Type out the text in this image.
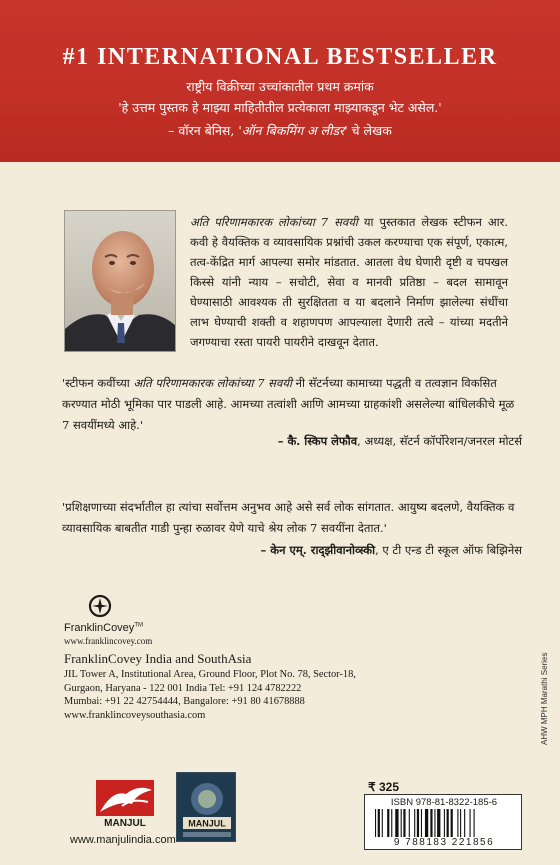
#1 INTERNATIONAL BESTSELLER
राष्ट्रीय विक्रीच्या उच्चांकातील प्रथम क्रमांक
'हे उत्तम पुस्तक हे माझ्या माहितीतील प्रत्येकाला माझ्याकडून भेट असेल.'
– वॉरन बेनिस, 'ऑन बिकमिंग अ लीडर' चे लेखक
अति परिणामकारक लोकांच्या 7 सवयी या पुस्तकात लेखक स्टीफन आर. कवी हे वैयक्तिक व व्यावसायिक प्रश्नांची उकल करण्याचा एक संपूर्ण, एकात्म, तत्व-केंद्रित मार्ग आपल्या समोर मांडतात. आतला वेध घेणारी दृष्टी व चपखल किस्से यांनी न्याय – सचोटी, सेवा व मानवी प्रतिष्ठा – बदल सामावून घेण्यासाठी आवश्यक ती सुरक्षितता व या बदलाने निर्माण झालेल्या संधींचा लाभ घेण्याची शक्ती व शहाणपण आपल्याला देणारी तत्वे – यांच्या मदतीने जगण्याचा रस्ता पायरी पायरीने दाखवून देतात.
'स्टीफन कवींच्या अति परिणामकारक लोकांच्या 7 सवयी नी सॅटर्नच्या कामाच्या पद्धती व तत्वज्ञान विकसित करण्यात मोठी भूमिका पार पाडली आहे. आमच्या तत्वांशी आणि आमच्या ग्राहकांशी असलेल्या बांधिलकीचे मूळ 7 सवयींमध्ये आहे.'
– कै. स्किप लेफौव, अध्यक्ष, सॅटर्न कॉर्पोरेशन/जनरल मोटर्स
'प्रशिक्षणाच्या संदर्भातील हा त्यांचा सर्वोत्तम अनुभव आहे असे सर्व लोक सांगतात. आयुष्य बदलणे, वैयक्तिक व व्यावसायिक बाबतीत गाडी पुन्हा रुळावर येणे याचे श्रेय लोक 7 सवयींना देतात.'
– केन एम्. राद्झीवानोव्स्की, ए टी एन्ड टी स्कूल ऑफ बिझिनेस
FranklinCovey™
www.franklincovey.com
FranklinCovey India and SouthAsia
JIL Tower A, Institutional Area, Ground Floor, Plot No. 78, Sector-18,
Gurgaon, Haryana - 122 001 India Tel: +91 124 4782222
Mumbai: +91 22 42754444, Bangalore: +91 80 41678888
www.franklincoveysouthasia.com
MANJUL
www.manjulindia.com
MANJUL
₹ 325
ISBN 978-81-8322-185-6
9 788183 221856
AHW MPH Marathi Series
